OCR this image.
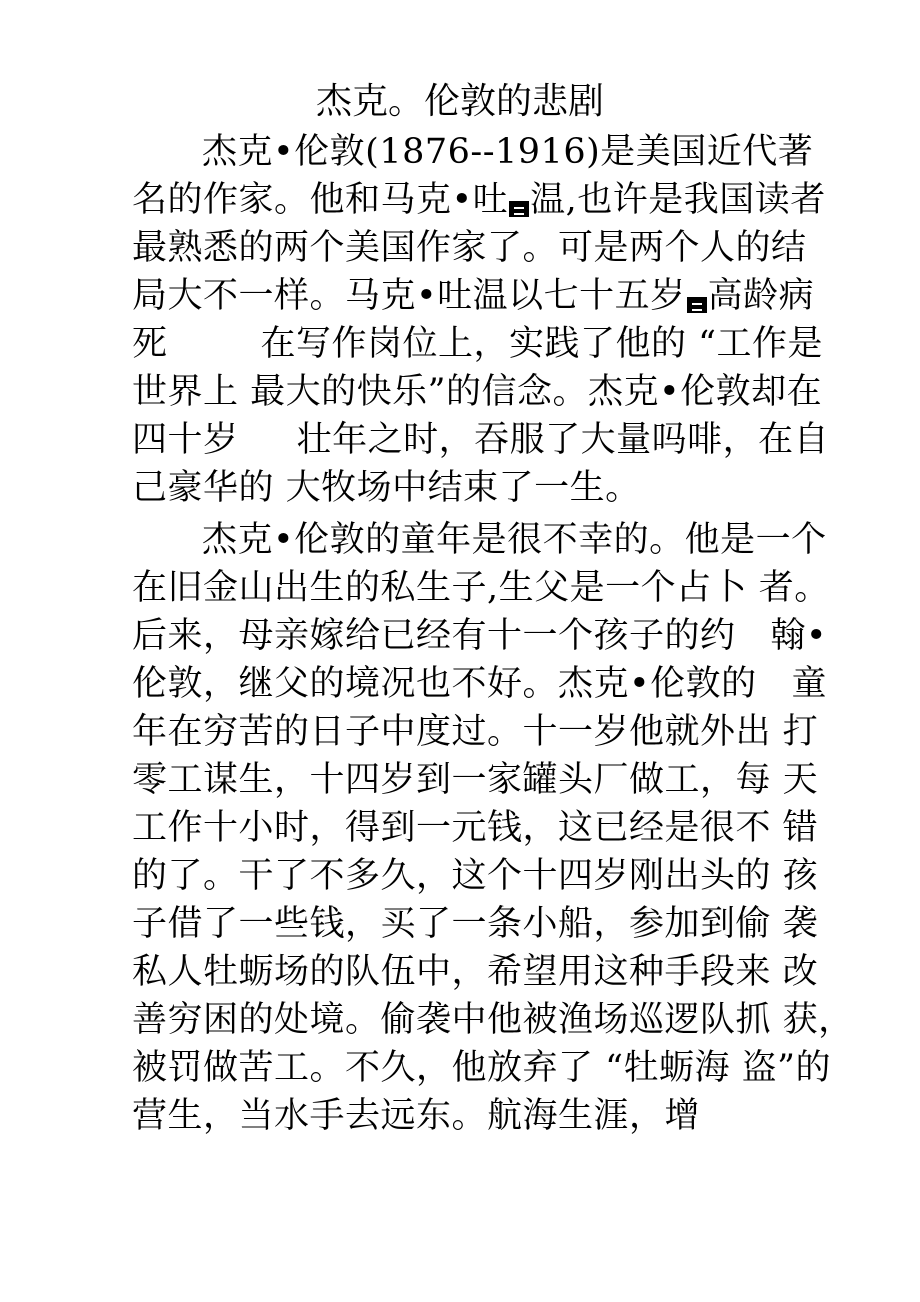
杰克。伦敦的悲剧
杰克•伦敦(1876--1916)是美国近代著
名的作家。他和马克•吐 温,也许是我国读者
最熟悉的两个美国作家了。可是两个人的结
局大不一样。马克•吐温以七十五岁 高龄病
死        在写作岗位上，实践了他的 “工作是
世界上 最大的快乐”的信念。杰克•伦敦却在
四十岁     壮年之时，吞服了大量吗啡，在自
己豪华的 大牧场中结束了一生。
杰克•伦敦的童年是很不幸的。他是一个
在旧金山出生的私生子,生父是一个占卜 者。
后来，母亲嫁给已经有十一个孩子的约   翰•
伦敦，继父的境况也不好。杰克•伦敦的   童
年在穷苦的日子中度过。十一岁他就外出 打
零工谋生，十四岁到一家罐头厂做工，每 天
工作十小时，得到一元钱，这已经是很不 错
的了。干了不多久，这个十四岁刚出头的 孩
子借了一些钱，买了一条小船，参加到偷 袭
私人牡蛎场的队伍中，希望用这种手段来 改
善穷困的处境。偷袭中他被渔场巡逻队抓 获，
被罚做苦工。不久，他放弃了 “牡蛎海 盗”的
营生，当水手去远东。航海生涯，增
